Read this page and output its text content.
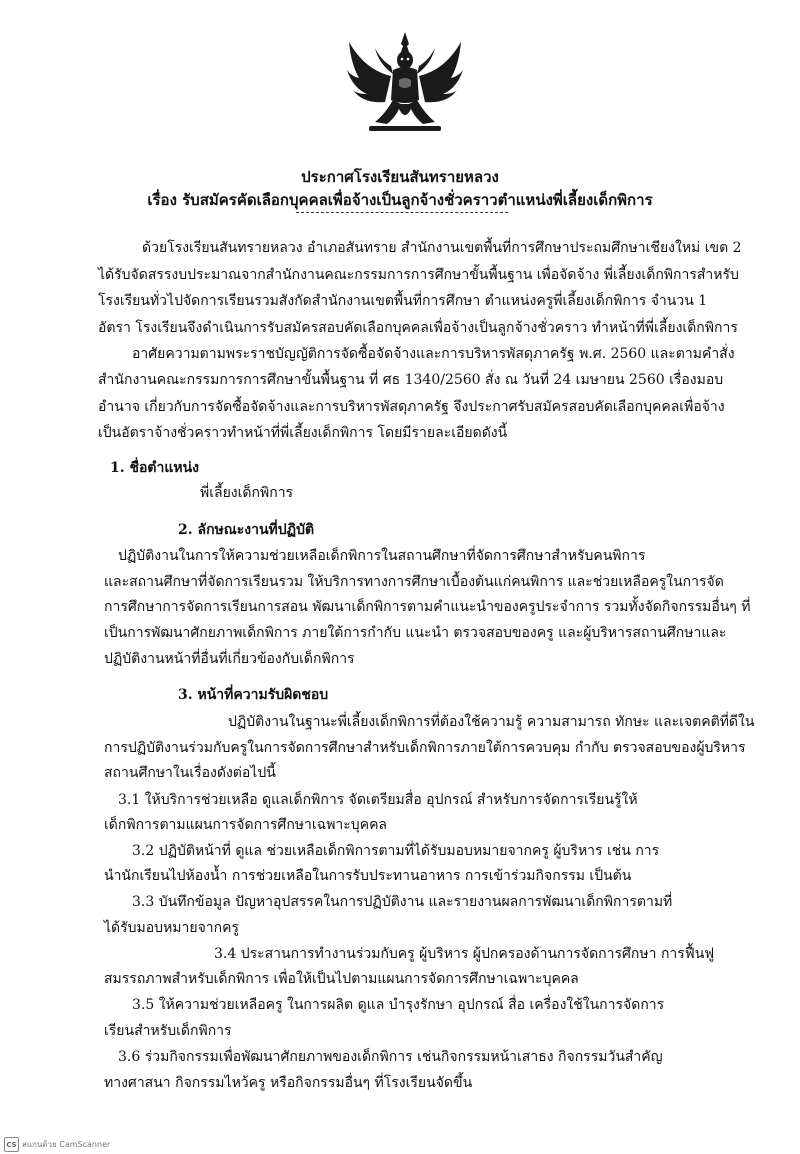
ประกาศโรงเรียนสันทรายหลวง
เรื่อง รับสมัครคัดเลือกบุคคลเพื่อจ้างเป็นลูกจ้างชั่วคราวตำแหน่งพี่เลี้ยงเด็กพิการ
ด้วยโรงเรียนสันทรายหลวง อำเภอสันทราย สำนักงานเขตพื้นที่การศึกษาประถมศึกษาเชียงใหม่ เขต 2
ได้รับจัดสรรงบประมาณจากสำนักงานคณะกรรมการการศึกษาขั้นพื้นฐาน เพื่อจัดจ้าง พี่เลี้ยงเด็กพิการสำหรับ
โรงเรียนทั่วไปจัดการเรียนรวมสังกัดสำนักงานเขตพื้นที่การศึกษา ตำแหน่งครูพี่เลี้ยงเด็กพิการ จำนวน 1
อัตรา โรงเรียนจึงดำเนินการรับสมัครสอบคัดเลือกบุคคลเพื่อจ้างเป็นลูกจ้างชั่วคราว ทำหน้าที่พี่เลี้ยงเด็กพิการ
อาศัยความตามพระราชบัญญัติการจัดซื้อจัดจ้างและการบริหารพัสดุภาครัฐ พ.ศ. 2560 และตามคำสั่ง
สำนักงานคณะกรรมการการศึกษาขั้นพื้นฐาน ที่ ศธ 1340/2560 สั่ง ณ วันที่ 24 เมษายน 2560 เรื่องมอบ
อำนาจ เกี่ยวกับการจัดซื้อจัดจ้างและการบริหารพัสดุภาครัฐ จึงประกาศรับสมัครสอบคัดเลือกบุคคลเพื่อจ้าง
เป็นอัตราจ้างชั่วคราวทำหน้าที่พี่เลี้ยงเด็กพิการ โดยมีรายละเอียดดังนี้
1. ชื่อตำแหน่ง
พี่เลี้ยงเด็กพิการ
2. ลักษณะงานที่ปฏิบัติ
ปฏิบัติงานในการให้ความช่วยเหลือเด็กพิการในสถานศึกษาที่จัดการศึกษาสำหรับคนพิการ
และสถานศึกษาที่จัดการเรียนรวม ให้บริการทางการศึกษาเบื้องต้นแก่คนพิการ และช่วยเหลือครูในการจัด
การศึกษาการจัดการเรียนการสอน พัฒนาเด็กพิการตามคำแนะนำของครูประจำการ รวมทั้งจัดกิจกรรมอื่นๆ ที่
เป็นการพัฒนาศักยภาพเด็กพิการ ภายใต้การกำกับ แนะนำ ตรวจสอบของครู และผู้บริหารสถานศึกษาและ
ปฏิบัติงานหน้าที่อื่นที่เกี่ยวข้องกับเด็กพิการ
3. หน้าที่ความรับผิดชอบ
ปฏิบัติงานในฐานะพี่เลี้ยงเด็กพิการที่ต้องใช้ความรู้ ความสามารถ ทักษะ และเจตคติที่ดีใน
การปฏิบัติงานร่วมกับครูในการจัดการศึกษาสำหรับเด็กพิการภายใต้การควบคุม กำกับ ตรวจสอบของผู้บริหาร
สถานศึกษาในเรื่องดังต่อไปนี้
3.1 ให้บริการช่วยเหลือ ดูแลเด็กพิการ จัดเตรียมสื่อ อุปกรณ์ สำหรับการจัดการเรียนรู้ให้
เด็กพิการตามแผนการจัดการศึกษาเฉพาะบุคคล
3.2 ปฏิบัติหน้าที่ ดูแล ช่วยเหลือเด็กพิการตามที่ได้รับมอบหมายจากครู ผู้บริหาร เช่น การ
นำนักเรียนไปห้องน้ำ การช่วยเหลือในการรับประทานอาหาร การเข้าร่วมกิจกรรม เป็นต้น
3.3 บันทึกข้อมูล ปัญหาอุปสรรคในการปฏิบัติงาน และรายงานผลการพัฒนาเด็กพิการตามที่
ได้รับมอบหมายจากครู
3.4 ประสานการทำงานร่วมกับครู ผู้บริหาร ผู้ปกครองด้านการจัดการศึกษา การฟื้นฟู
สมรรถภาพสำหรับเด็กพิการ เพื่อให้เป็นไปตามแผนการจัดการศึกษาเฉพาะบุคคล
3.5 ให้ความช่วยเหลือครู ในการผลิต ดูแล บำรุงรักษา อุปกรณ์ สื่อ เครื่องใช้ในการจัดการ
เรียนสำหรับเด็กพิการ
3.6 ร่วมกิจกรรมเพื่อพัฒนาศักยภาพของเด็กพิการ เช่นกิจกรรมหน้าเสาธง กิจกรรมวันสำคัญ
ทางศาสนา กิจกรรมไหว้ครู หรือกิจกรรมอื่นๆ ที่โรงเรียนจัดขึ้น
CS สแกนด้วย CamScanner
